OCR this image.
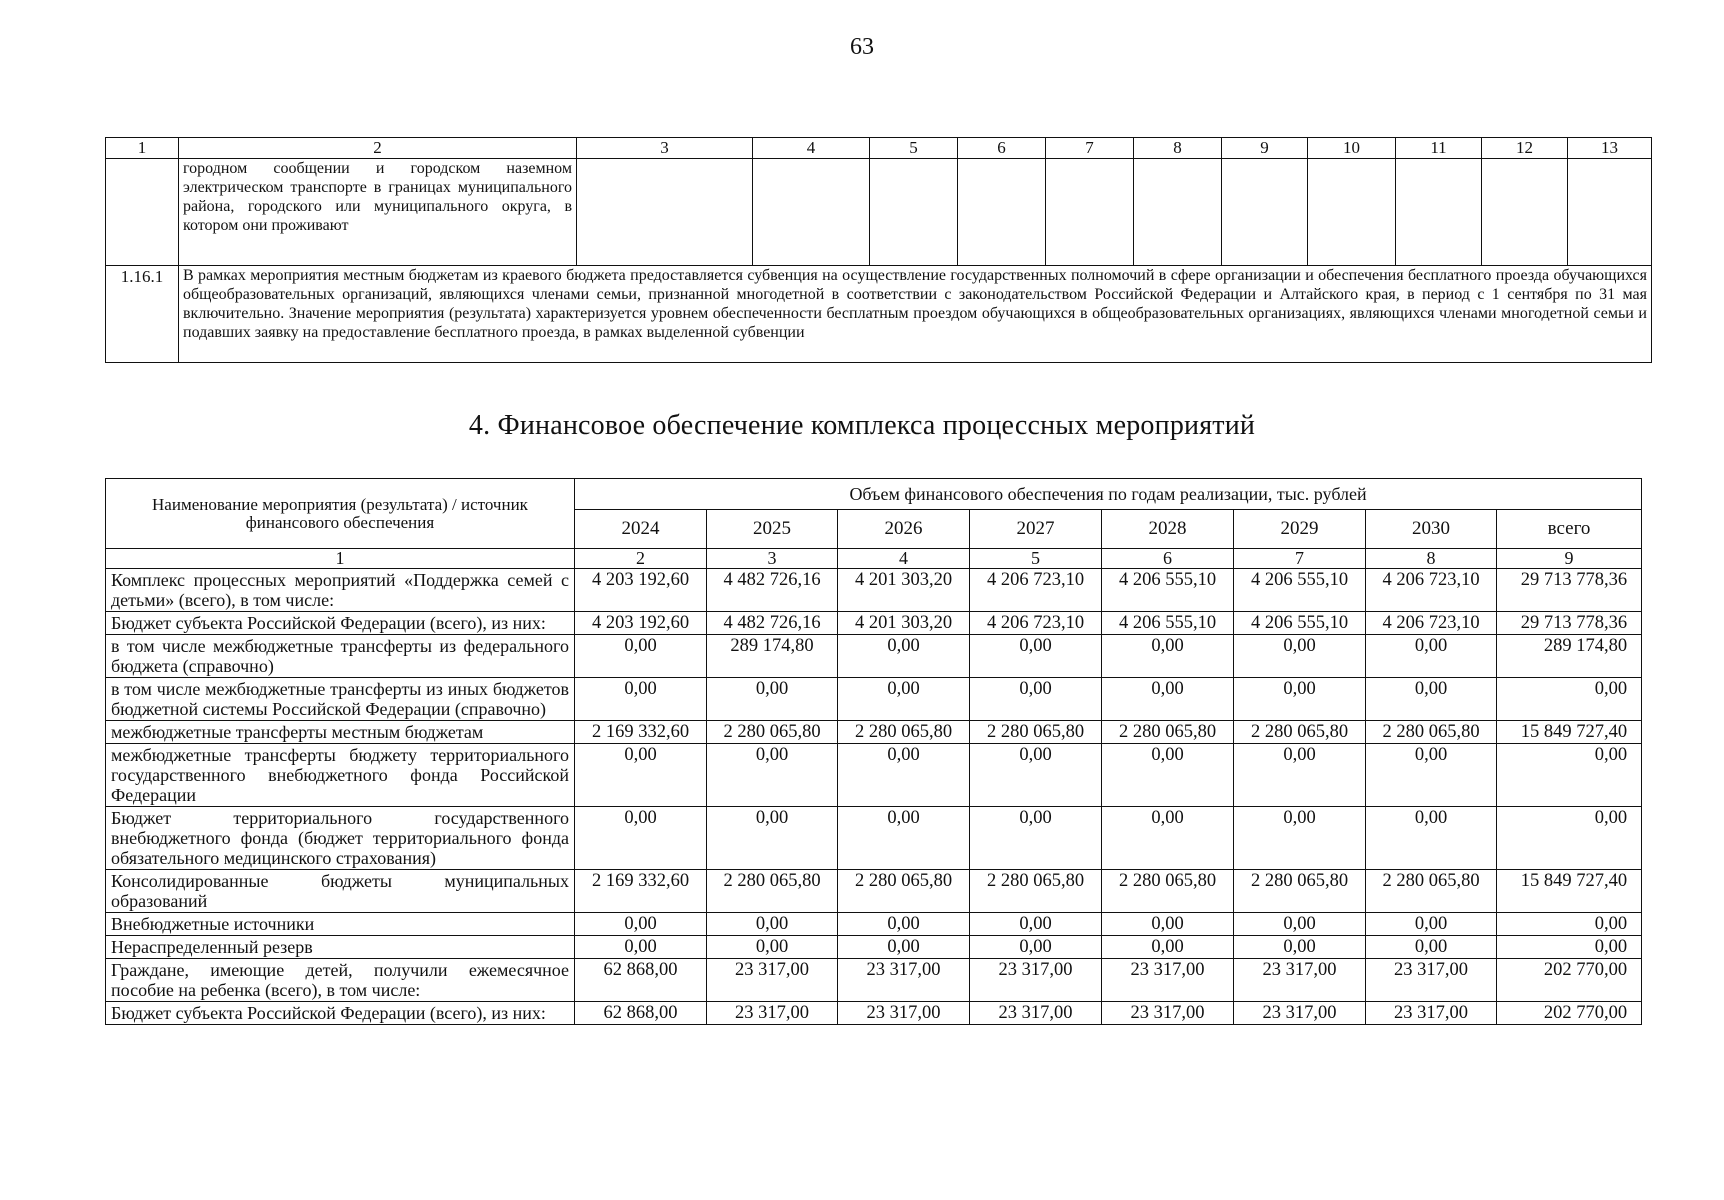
63
1	2	3	4	5	6	7	8	9	10	11	12	13
	городном сообщении и городском наземном электрическом транспорте в границах муниципального района, городского или муниципального округа, в котором они проживают											
1.16.1	В рамках мероприятия местным бюджетам из краевого бюджета предоставляется субвенция на осуществление государственных полномочий в сфере организации и обеспечения бесплатного проезда обучающихся общеобразовательных организаций, являющихся членами семьи, признанной многодетной в соответствии с законодательством Российской Федерации и Алтайского края, в период с 1 сентября по 31 мая включительно. Значение мероприятия (результата) характеризуется уровнем обеспеченности бесплатным проездом обучающихся в общеобразовательных организациях, являющихся членами многодетной семьи и подавших заявку на предоставление бесплатного проезда, в рамках выделенной субвенции											
4. Финансовое обеспечение комплекса процессных мероприятий
Наименование мероприятия (результата) / источник финансового обеспечения	Объем финансового обеспечения по годам реализации, тыс. рублей							
	2024	2025	2026	2027	2028	2029	2030	всего
1	2	3	4	5	6	7	8	9
Комплекс процессных мероприятий «Поддержка семей с детьми» (всего), в том числе:	4 203 192,60	4 482 726,16	4 201 303,20	4 206 723,10	4 206 555,10	4 206 555,10	4 206 723,10	29 713 778,36
Бюджет субъекта Российской Федерации (всего), из них:	4 203 192,60	4 482 726,16	4 201 303,20	4 206 723,10	4 206 555,10	4 206 555,10	4 206 723,10	29 713 778,36
в том числе межбюджетные трансферты из федерального бюджета (справочно)	0,00	289 174,80	0,00	0,00	0,00	0,00	0,00	289 174,80
в том числе межбюджетные трансферты из иных бюджетов бюджетной системы Российской Федерации (справочно)	0,00	0,00	0,00	0,00	0,00	0,00	0,00	0,00
межбюджетные трансферты местным бюджетам	2 169 332,60	2 280 065,80	2 280 065,80	2 280 065,80	2 280 065,80	2 280 065,80	2 280 065,80	15 849 727,40
межбюджетные трансферты бюджету территориального государственного внебюджетного фонда Российской Федерации	0,00	0,00	0,00	0,00	0,00	0,00	0,00	0,00
Бюджет территориального государственного внебюджетного фонда (бюджет территориального фонда обязательного медицинского страхования)	0,00	0,00	0,00	0,00	0,00	0,00	0,00	0,00
Консолидированные бюджеты муниципальных образований	2 169 332,60	2 280 065,80	2 280 065,80	2 280 065,80	2 280 065,80	2 280 065,80	2 280 065,80	15 849 727,40
Внебюджетные источники	0,00	0,00	0,00	0,00	0,00	0,00	0,00	0,00
Нераспределенный резерв	0,00	0,00	0,00	0,00	0,00	0,00	0,00	0,00
Граждане, имеющие детей, получили ежемесячное пособие на ребенка (всего), в том числе:	62 868,00	23 317,00	23 317,00	23 317,00	23 317,00	23 317,00	23 317,00	202 770,00
Бюджет субъекта Российской Федерации (всего), из них:	62 868,00	23 317,00	23 317,00	23 317,00	23 317,00	23 317,00	23 317,00	202 770,00
